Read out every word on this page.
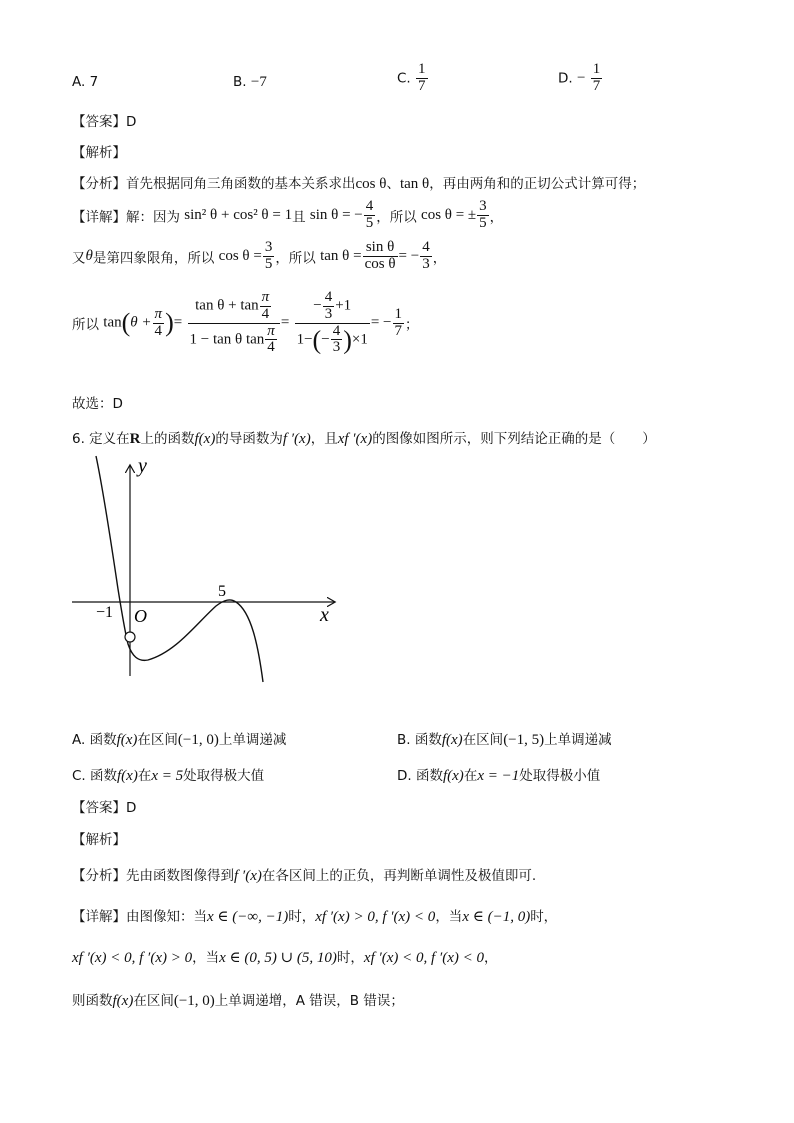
A. 7	B. −7	C. $\frac{1}{7}$	D. − $\frac{1}{7}$
【答案】D
【解析】
【分析】首先根据同角三角函数的基本关系求出cos θ、tan θ，再由两角和的正切公式计算可得；
【详解】解：因为 sin² θ + cos² θ = 1且 sin θ = − $\frac{4}{5}$ ，所以 cos θ = ± $\frac{3}{5}$ ，
又θ是第四象限角，所以 $\cos \theta = \frac{3}{5}$ ，所以 $\tan \theta = \frac{\text{sin θ}}{\text{cos θ}}$ = − $\frac{4}{3}$ ，
所以 $\tan(\theta + \frac{\pi}{4}$ )= $\frac{\tan \theta + \tan \frac{\pi}{4}}{1 - \tan \theta \tan \frac{\pi}{4}} = \frac{- \frac{4}{3} +1}{1-(- \frac{4}{3} )\times 1}$ = − $\frac{1}{7}$ ；
故选：D
6. 定义在R上的函数f(x)的导函数为f ′(x)，且xf ′(x)的图像如图所示，则下列结论正确的是（　　）
y
x
O
−1
5
A. 函数f(x)在区间(−1, 0)上单调递减	B. 函数f(x)在区间(−1, 5)上单调递减
C. 函数f(x)在x = 5处取得极大值	D. 函数f(x)在x = −1处取得极小值
【答案】D
【解析】
【分析】先由函数图像得到f ′(x)在各区间上的正负，再判断单调性及极值即可.
【详解】由图像知：当x ∈ (−∞, −1)时，xf ′(x) > 0, f ′(x) < 0，当x ∈ (−1, 0)时，
xf ′(x) < 0, f ′(x) > 0，当x ∈ (0, 5) ∪ (5, 10)时，xf ′(x) < 0, f ′(x) < 0，
则函数f(x)在区间(−1, 0)上单调递增，A 错误，B 错误；
